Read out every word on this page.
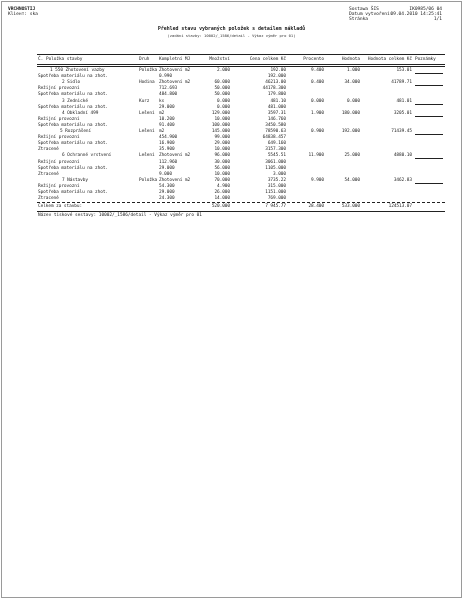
VRCHNOSTIJ
Kliент: ska
Sostawa ŠIS
Datum vytvoření:
Stránka
IK0985/06 04
09.04.2010 14:25:41
1/1
Přehled stavu vybraných položek s detailem nákladů
(zadání stavby: 10002/_1586/detail - Výkaz výměr pro 01)
Č. Položka stavby	Druh Kompletní MJ	Množství	Cena celkem Kč	Procento	Hodnota	Hodnota celkem Kč Poznámky
1 550 Zhotovení vazby	Položka Zhotovení m2	2.000	192.00	9.400	1.000	153.01
Spotřeba materiálu na zhot.	0.990	192.000
2 Sidlo	Hodina Zhotovení m2	60.000	46213.00	0.400	34.000	41789.71
Režijní provozní	712.693	50.000	44178.300
Spotřeba materiálu na zhot.	484.800	50.000	179.800
3 Zednické	Kurz ks	0.000	481.10	0.000	0.000	481.01
Spotřeba materiálu na zhot.	29.000	0.000	481.000
4 Obkladní 499	Lešení m2	129.000	3597.31	1.900	180.000	3205.01
Režijní provozní	10.200	10.000	146.760
Spotřeba materiálu na zhot.	91.400	100.000	3450.580
5 Rozprášení	Lešení m2	145.000	78590.63	0.900	192.000	71439.45
Režijní provozní	454.900	99.000	64838.457
Spotřeba materiálu na zhot.	16.900	29.000	649.160
Ztracené	35.900	10.000	3157.300
6 Ochranné vrstvení	Lešení Zhotovení m2	96.000	5545.51	11.900	25.000	4880.10
Režijní provozní	112.960	30.000	3061.000
Spotřeba materiálu na zhot.	29.000	56.000	1105.000
Ztracené	9.000	10.000	3.000
7 Nástavby	Položka Zhotovení m2	70.000	3735.22	9.900	54.000	3462.83
Režijní provozní	54.300	4.900	315.000
Spotřeba materiálu na zhot.	29.000	26.000	1151.000
Ztracené	24.300	14.000	769.000
Celkem za stavbu:	520.000	7 945.77	28.400	533.000	124513.07
Název tiskové sestavy: 10002/_1586/detail - Výkaz výměr pro 01
